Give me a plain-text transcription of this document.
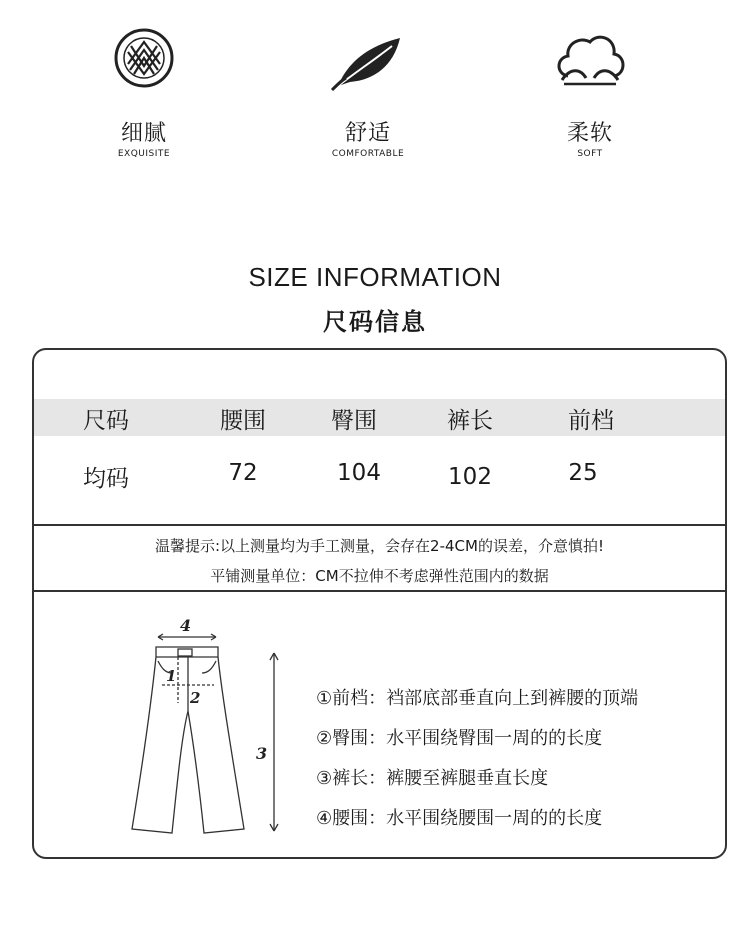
细腻
EXQUISITE
舒适
COMFORTABLE
柔软
SOFT
SIZE INFORMATION
尺码信息
尺码	腰围	臀围	裤长	前档
均码	72	104	102	25
温馨提示:以上测量均为手工测量，会存在2-4CM的误差，介意慎拍!
平铺测量单位：CM不拉伸不考虑弹性范围内的数据
4
1
2
3
①前档：裆部底部垂直向上到裤腰的顶端
②臀围：水平围绕臀围一周的的长度
③裤长：裤腰至裤腿垂直长度
④腰围：水平围绕腰围一周的的长度
